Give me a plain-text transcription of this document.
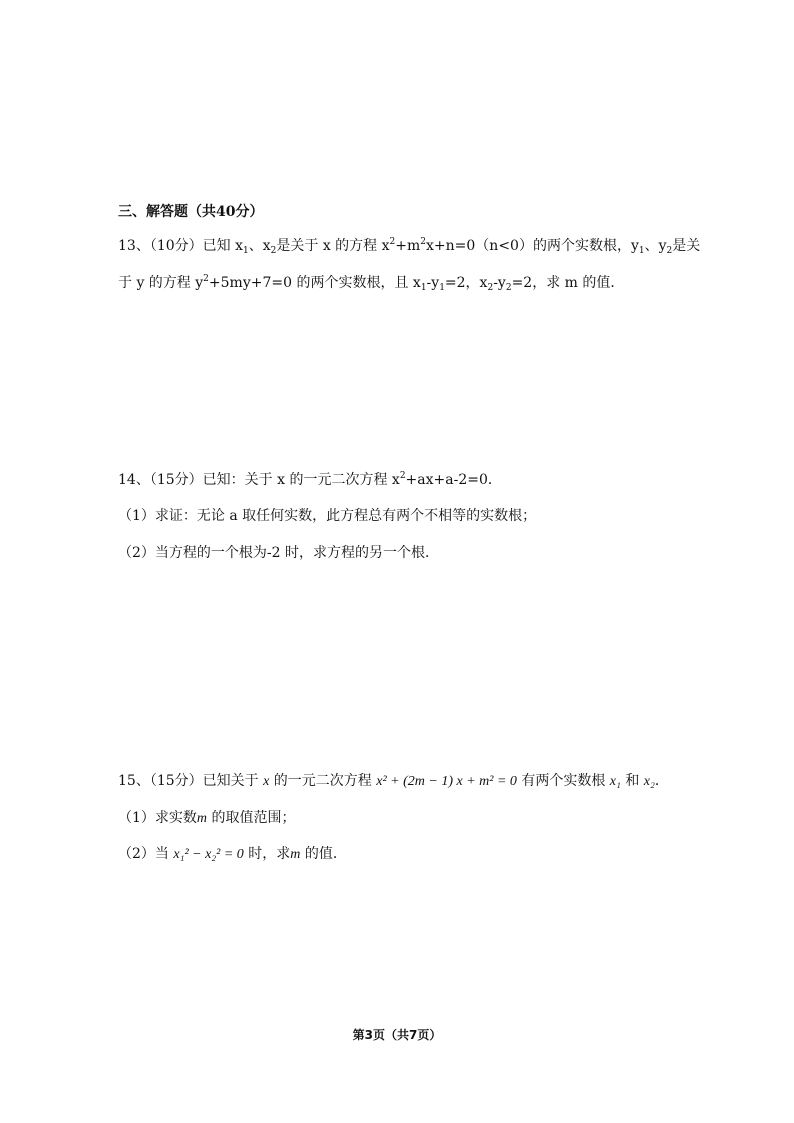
三、解答题（共40分）
13、（10分）已知 $x_1$、$x_2$是关于 x 的方程 $x^2+m^2x+n=0(n<0)$的两个实数根，$y_1$、$y_2$是关
于 y 的方程 $y^2+5my+7=0$ 的两个实数根，且 $x_1-y_1=2$，$x_2-y_2=2$，求 m 的值．
14、（15分）已知：关于 x 的一元二次方程 $x^2+ax+a-2=0$．
（1）求证：无论 a 取任何实数，此方程总有两个不相等的实数根；
（2）当方程的一个根为-2 时，求方程的另一个根．
15、（15分）已知关于 x 的一元二次方程 x² + (2m − 1) x + m² = 0 有两个实数根 x₁ 和 x₂．
（1）求实数m 的取值范围；
（2）当 x₁² − x₂² = 0 时，求m 的值．
第3页（共7页）
